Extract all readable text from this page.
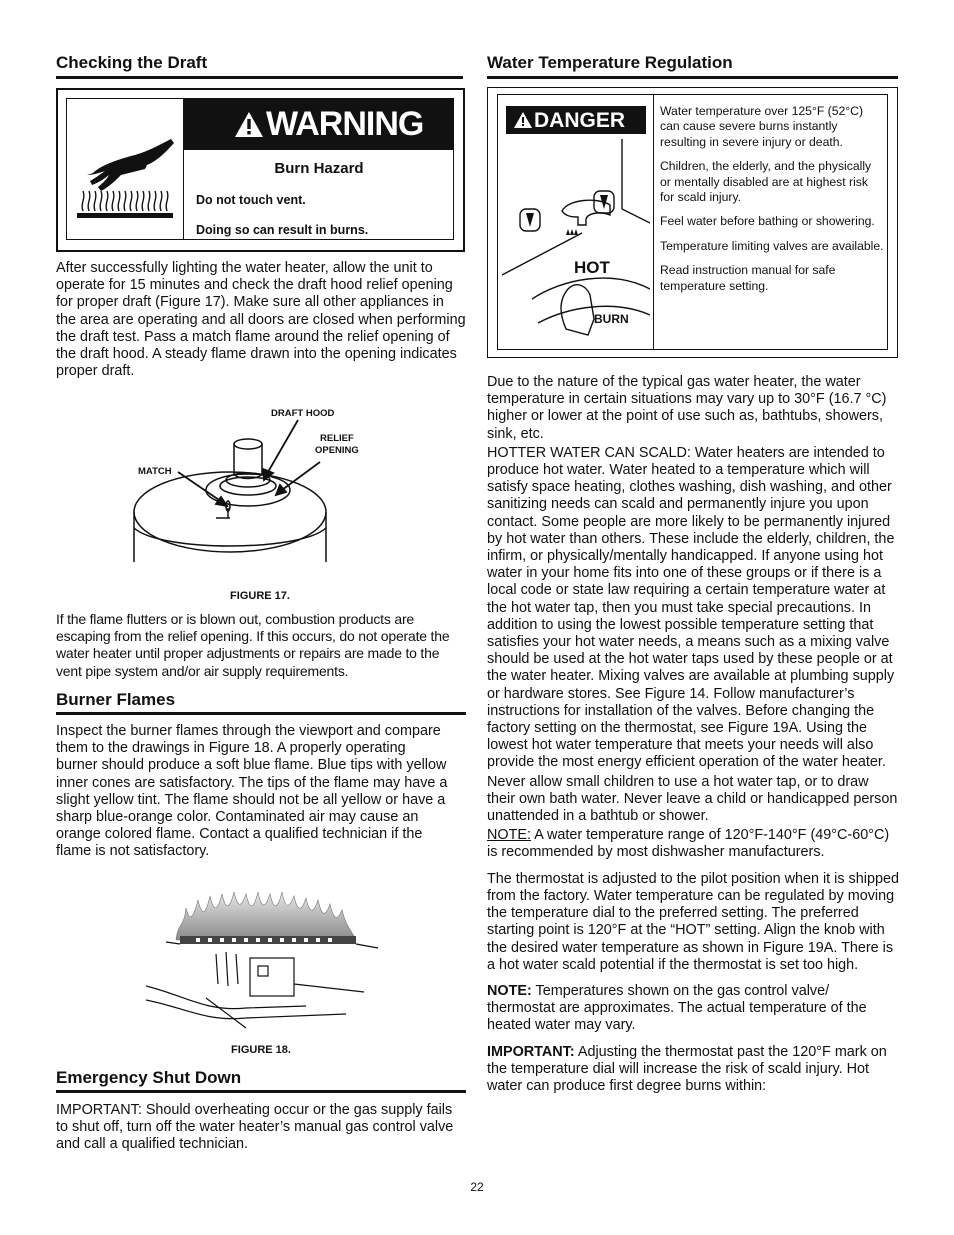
Checking the Draft
WARNING
Burn Hazard
Do not touch vent.
Doing so can result in burns.

After successfully lighting the water heater, allow the unit to operate for 15 minutes and check the draft hood relief opening for proper draft (Figure 17). Make sure all other appliances in the area are operating and all doors are closed when performing the draft test. Pass a match flame around the relief opening of the draft hood. A steady flame drawn into the opening indicates proper draft.

DRAFT HOOD
RELIEF
OPENING
MATCH
FIGURE 17.

If the flame flutters or is blown out, combustion products are escaping from the relief opening. If this occurs, do not operate the water heater until proper adjustments or repairs are made to the vent pipe system and/or air supply requirements.

Burner Flames

Inspect the burner flames through the viewport and compare them to the drawings in Figure 18. A properly operating burner should produce a soft blue flame. Blue tips with yellow inner cones are satisfactory. The tips of the flame may have a slight yellow tint. The flame should not be all yellow or have a sharp blue-orange color. Contaminated air may cause an orange colored flame. Contact a qualified technician if the flame is not satisfactory.

FIGURE 18.
Emergency Shut Down

IMPORTANT: Should overheating occur or the gas supply fails to shut off, turn off the water heater’s manual gas control valve and call a qualified technician.

Water Temperature Regulation
DANGER
HOT
BURN

Water temperature over 125°F (52°C) can cause severe burns instantly resulting in severe injury or death.

Children, the elderly, and the physically or mentally disabled are at highest risk for scald injury.

Feel water before bathing or showering.

Temperature limiting valves are available.

Read instruction manual for safe temperature setting.

Due to the nature of the typical gas water heater, the water temperature in certain situations may vary up to 30°F (16.7 °C) higher or lower at the point of use such as, bathtubs, showers, sink, etc.

HOTTER WATER CAN SCALD: Water heaters are intended to produce hot water. Water heated to a temperature which will satisfy space heating, clothes washing, dish washing, and other sanitizing needs can scald and permanently injure you upon contact. Some people are more likely to be permanently injured by hot water than others. These include the elderly, children, the infirm, or physically/mentally handicapped. If anyone using hot water in your home fits into one of these groups or if there is a local code or state law requiring a certain temperature water at the hot water tap, then you must take special precautions. In addition to using the lowest possible temperature setting that satisfies your hot water needs, a means such as a mixing valve should be used at the hot water taps used by these people or at the water heater. Mixing valves are available at plumbing supply or hardware stores. See Figure 14. Follow manufacturer’s instructions for installation of the valves. Before changing the factory setting on the thermostat, see Figure 19A. Using the lowest hot water temperature that meets your needs will also provide the most energy efficient operation of the water heater.

Never allow small children to use a hot water tap, or to draw their own bath water. Never leave a child or handicapped person unattended in a bathtub or shower.

NOTE: A water temperature range of 120°F-140°F (49°C-60°C) is recommended by most dishwasher manufacturers.

The thermostat is adjusted to the pilot position when it is shipped from the factory. Water temperature can be regulated by moving the temperature dial to the preferred setting. The preferred starting point is 120°F at the “HOT” setting. Align the knob with the desired water temperature as shown in Figure 19A. There is a hot water scald potential if the thermostat is set too high.

NOTE: Temperatures shown on the gas control valve/ thermostat are approximates. The actual temperature of the heated water may vary.

IMPORTANT: Adjusting the thermostat past the 120°F mark on the temperature dial will increase the risk of scald injury. Hot water can produce first degree burns within:

22
